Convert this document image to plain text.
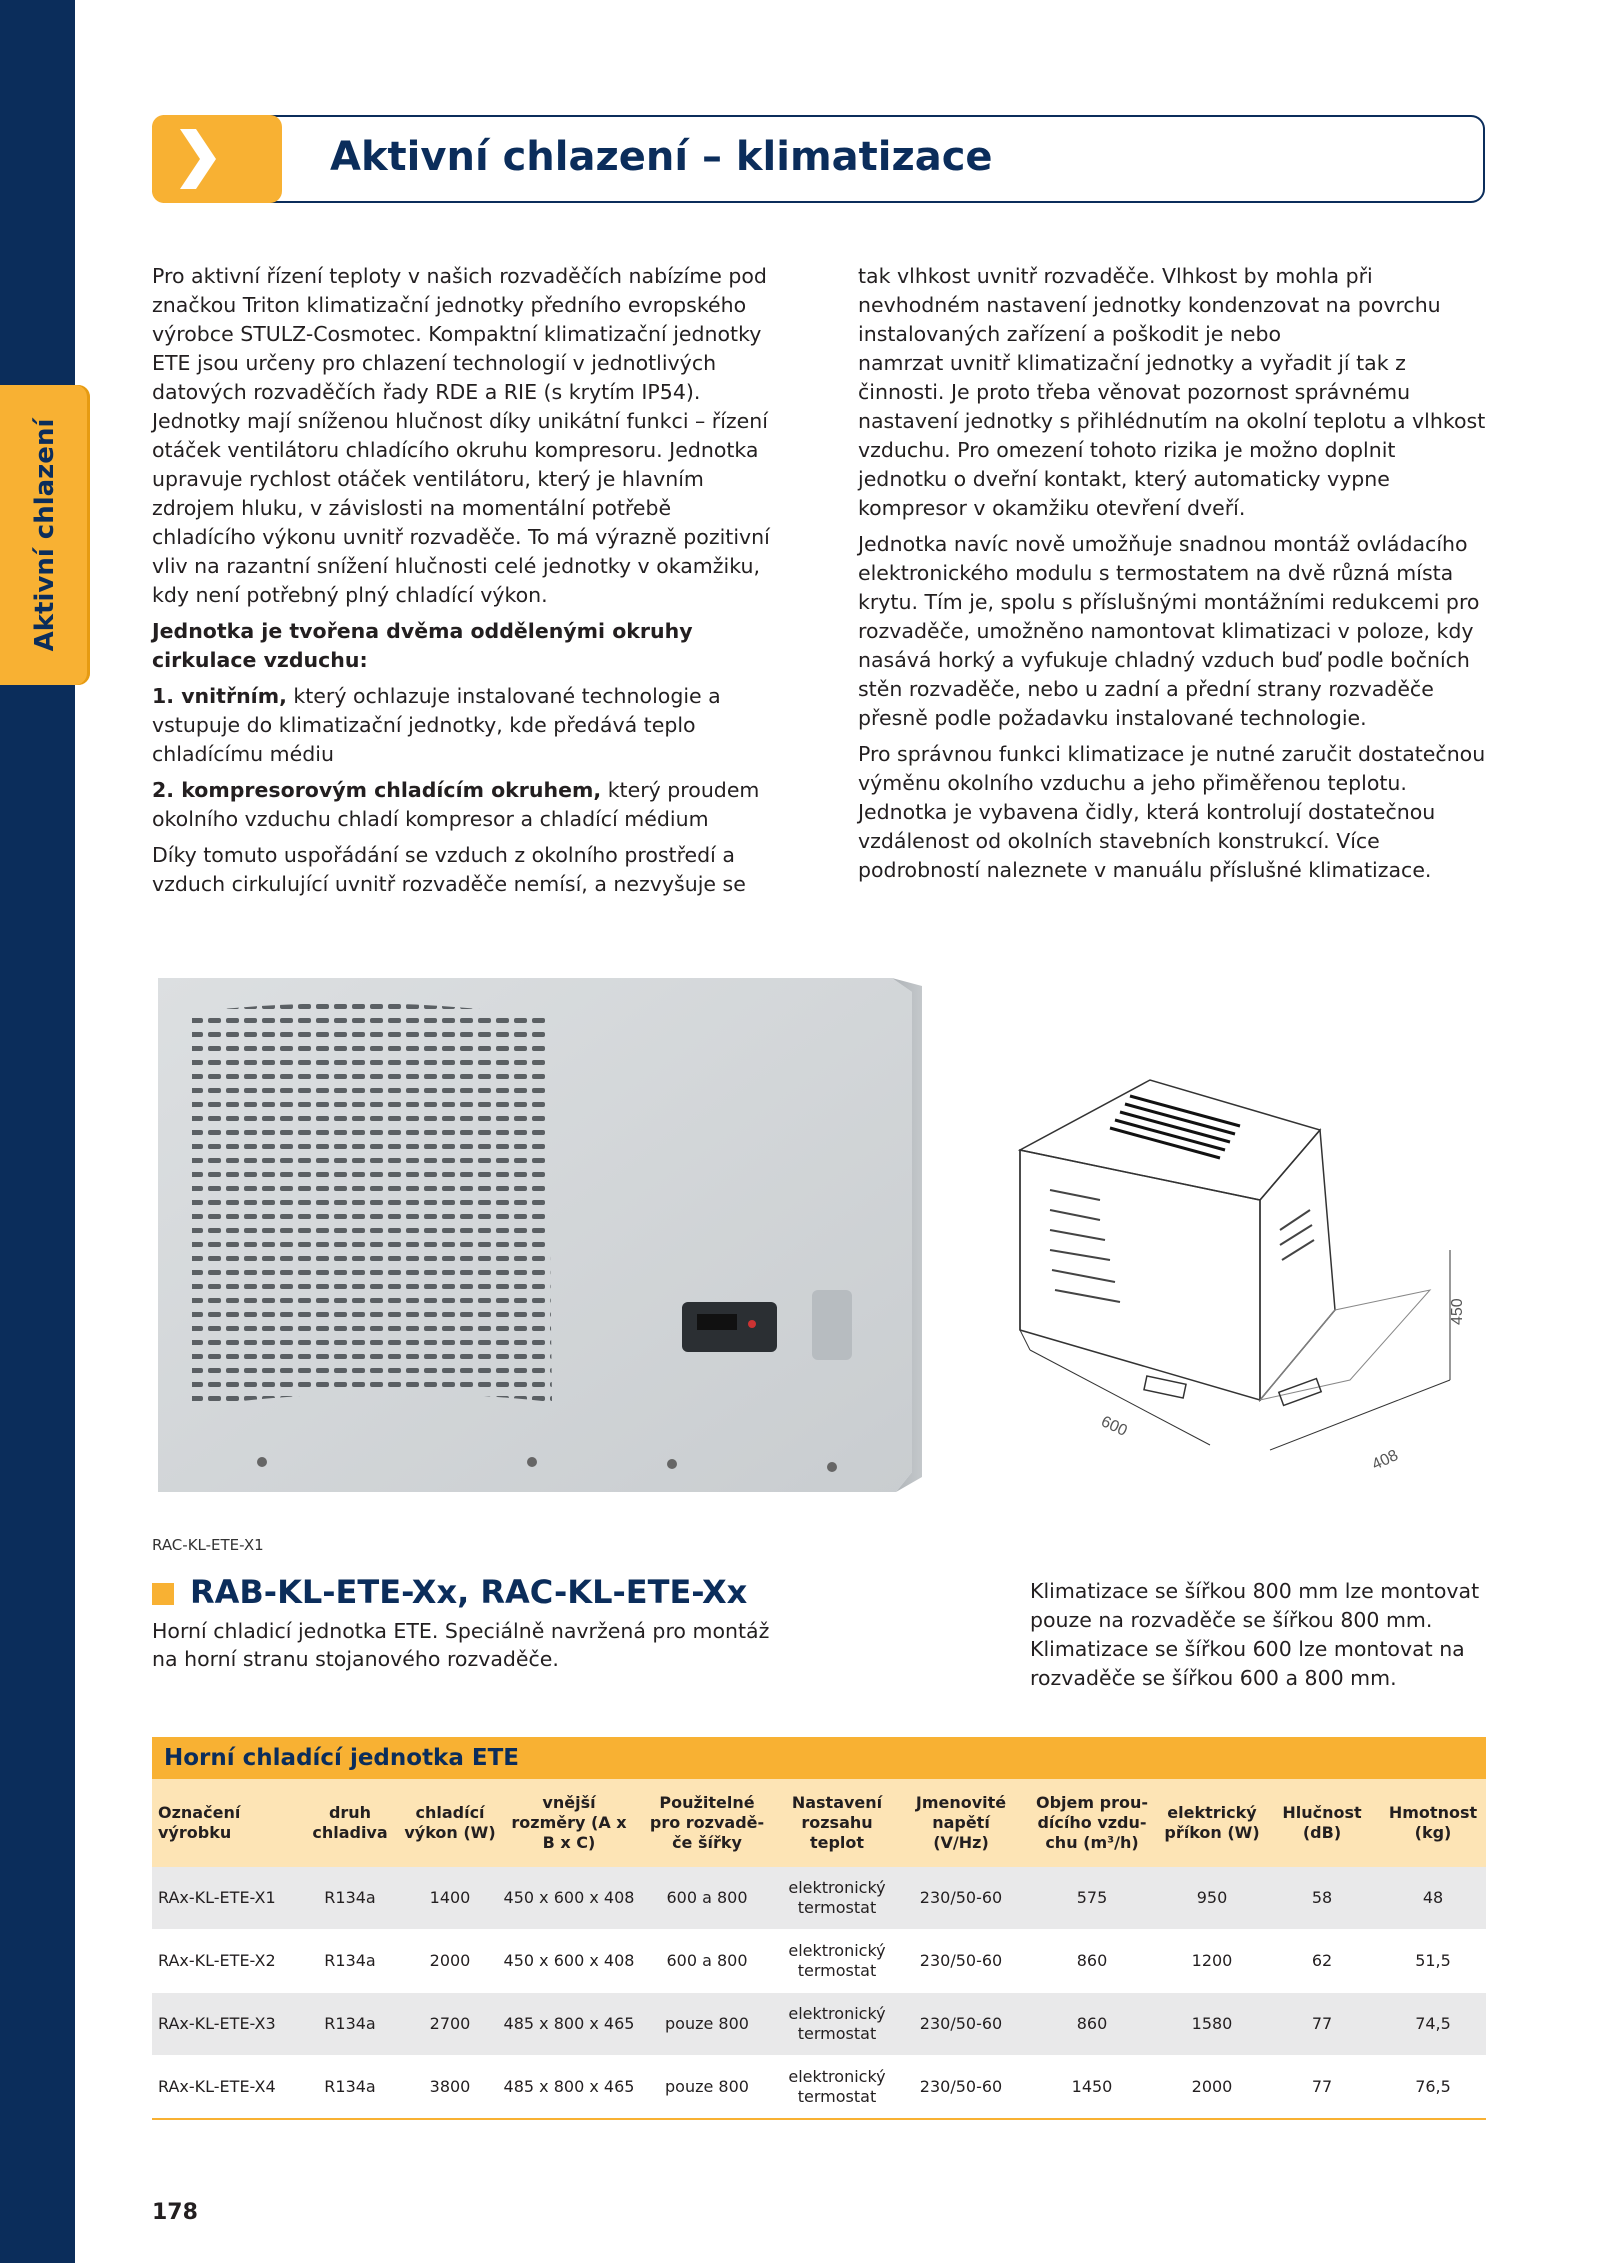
Aktivní chlazení
Aktivní chlazení – klimatizace

Pro aktivní řízení teploty v našich rozvaděčích nabízíme pod značkou Triton klimatizační jednotky předního evropského výrobce STULZ-Cosmotec. Kompaktní klimatizační jednotky ETE jsou určeny pro chlazení technologií v jednotlivých datových rozvaděčích řady RDE a RIE (s krytím IP54). Jednotky mají sníženou hlučnost díky unikátní funkci – řízení otáček ventilátoru chladícího okruhu kompresoru. Jednotka upravuje rychlost otáček ventilátoru, který je hlavním zdrojem hluku, v závislosti na momentální potřebě chladícího výkonu uvnitř rozvaděče. To má výrazně pozitivní vliv na razantní snížení hlučnosti celé jednotky v okamžiku, kdy není potřebný plný chladící výkon.

Jednotka je tvořena dvěma oddělenými okruhy cirkulace vzduchu:

1. vnitřním, který ochlazuje instalované technologie a vstupuje do klimatizační jednotky, kde předává teplo chladícímu médiu

2. kompresorovým chladícím okruhem, který proudem okolního vzduchu chladí kompresor a chladící médium

Díky tomuto uspořádání se vzduch z okolního prostředí a vzduch cirkulující uvnitř rozvaděče nemísí, a nezvyšuje se

tak vlhkost uvnitř rozvaděče. Vlhkost by mohla při nevhodném nastavení jednotky kondenzovat na povrchu instalovaných zařízení a poškodit je nebo

namrzat uvnitř klimatizační jednotky a vyřadit jí tak z činnosti. Je proto třeba věnovat pozornost správnému nastavení jednotky s přihlédnutím na okolní teplotu a vlhkost vzduchu. Pro omezení tohoto rizika je možno doplnit jednotku o dveřní kontakt, který automaticky vypne kompresor v okamžiku otevření dveří.

Jednotka navíc nově umožňuje snadnou montáž ovládacího elektronického modulu s termostatem na dvě různá místa krytu. Tím je, spolu s příslušnými montážními redukcemi pro rozvaděče, umožněno namontovat klimatizaci v poloze, kdy nasává horký a vyfukuje chladný vzduch buď podle bočních stěn rozvaděče, nebo u zadní a přední strany rozvaděče přesně podle požadavku instalované technologie.

Pro správnou funkci klimatizace je nutné zaručit dostatečnou výměnu okolního vzduchu a jeho přiměřenou teplotu. Jednotka je vybavena čidly, která kontrolují dostatečnou vzdálenost od okolních stavebních konstrukcí. Více podrobností naleznete v manuálu příslušné klimatizace.

450
600
408
RAC-KL-ETE-X1
RAB-KL-ETE-Xx, RAC-KL-ETE-Xx
Horní chladicí jednotka ETE. Speciálně navržená pro montáž na horní stranu stojanového rozvaděče.
Klimatizace se šířkou 800 mm lze montovat pouze na rozvaděče se šířkou 800 mm. Klimatizace se šířkou 600 lze montovat na rozvaděče se šířkou 600 a 800 mm.
Horní chladící jednotka ETE
Označení výrobku	druh chladiva	chladící výkon (W)	vnější rozměry (A x B x C)	Použitelné pro rozvadě- če šířky	Nastavení rozsahu teplot	Jmenovité napětí (V/Hz)	Objem prou- dícího vzdu- chu (m³/h)	elektrický příkon (W)	Hlučnost (dB)	Hmotnost (kg)
RAx-KL-ETE-X1	R134a	1400	450 x 600 x 408	600 a 800	elektronický termostat	230/50-60	575	950	58	48
RAx-KL-ETE-X2	R134a	2000	450 x 600 x 408	600 a 800	elektronický termostat	230/50-60	860	1200	62	51,5
RAx-KL-ETE-X3	R134a	2700	485 x 800 x 465	pouze 800	elektronický termostat	230/50-60	860	1580	77	74,5
RAx-KL-ETE-X4	R134a	3800	485 x 800 x 465	pouze 800	elektronický termostat	230/50-60	1450	2000	77	76,5
178
